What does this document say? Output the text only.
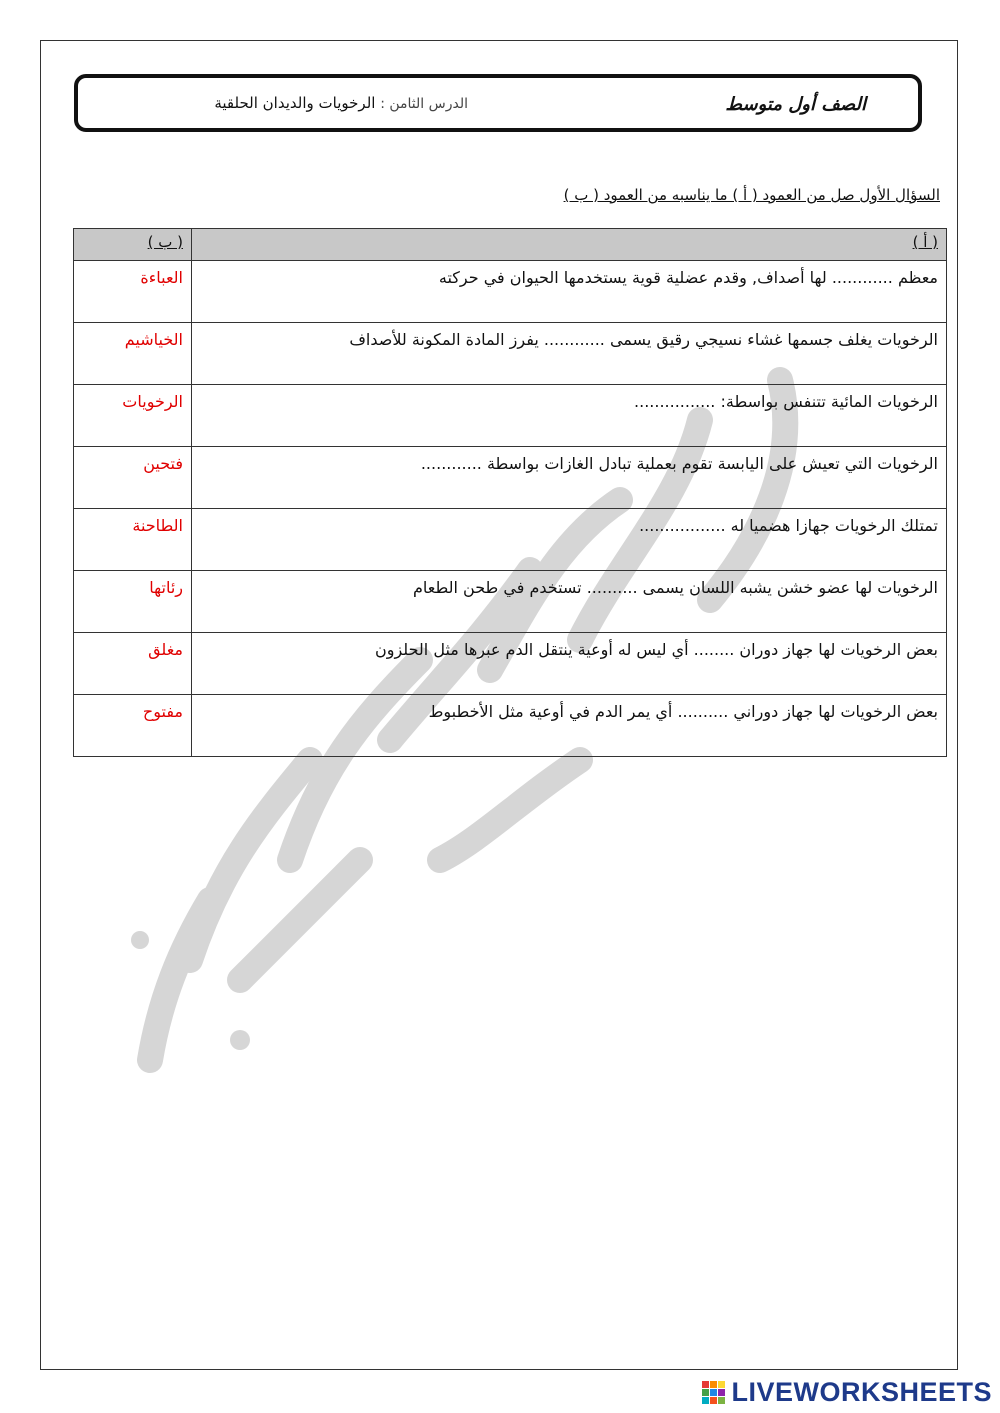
الصف أول متوسط
الدرس الثامن : الرخويات والديدان الحلقية
السؤال الأول صل من العمود ( أ ) ما يناسبه من العمود ( ب )
( أ )	( ب )
معظم ............ لها أصداف, وقدم عضلية قوية يستخدمها الحيوان في حركته	العباءة
الرخويات يغلف جسمها غشاء نسيجي رقيق يسمى ............ يفرز المادة المكونة للأصداف	الخياشيم
الرخويات المائية تتنفس بواسطة: ................	الرخويات
الرخويات التي تعيش على اليابسة تقوم بعملية تبادل الغازات بواسطة ............	فتحين
تمتلك الرخويات جهازا هضميا له .................	الطاحنة
الرخويات لها عضو خشن يشبه اللسان يسمى .......... تستخدم في طحن الطعام	رئاتها
بعض الرخويات لها جهاز دوران ........ أي ليس له أوعية ينتقل الدم عبرها مثل الحلزون	مغلق
بعض الرخويات لها جهاز دوراني .......... أي يمر الدم في أوعية مثل الأخطبوط	مفتوح
LIVEWORKSHEETS
